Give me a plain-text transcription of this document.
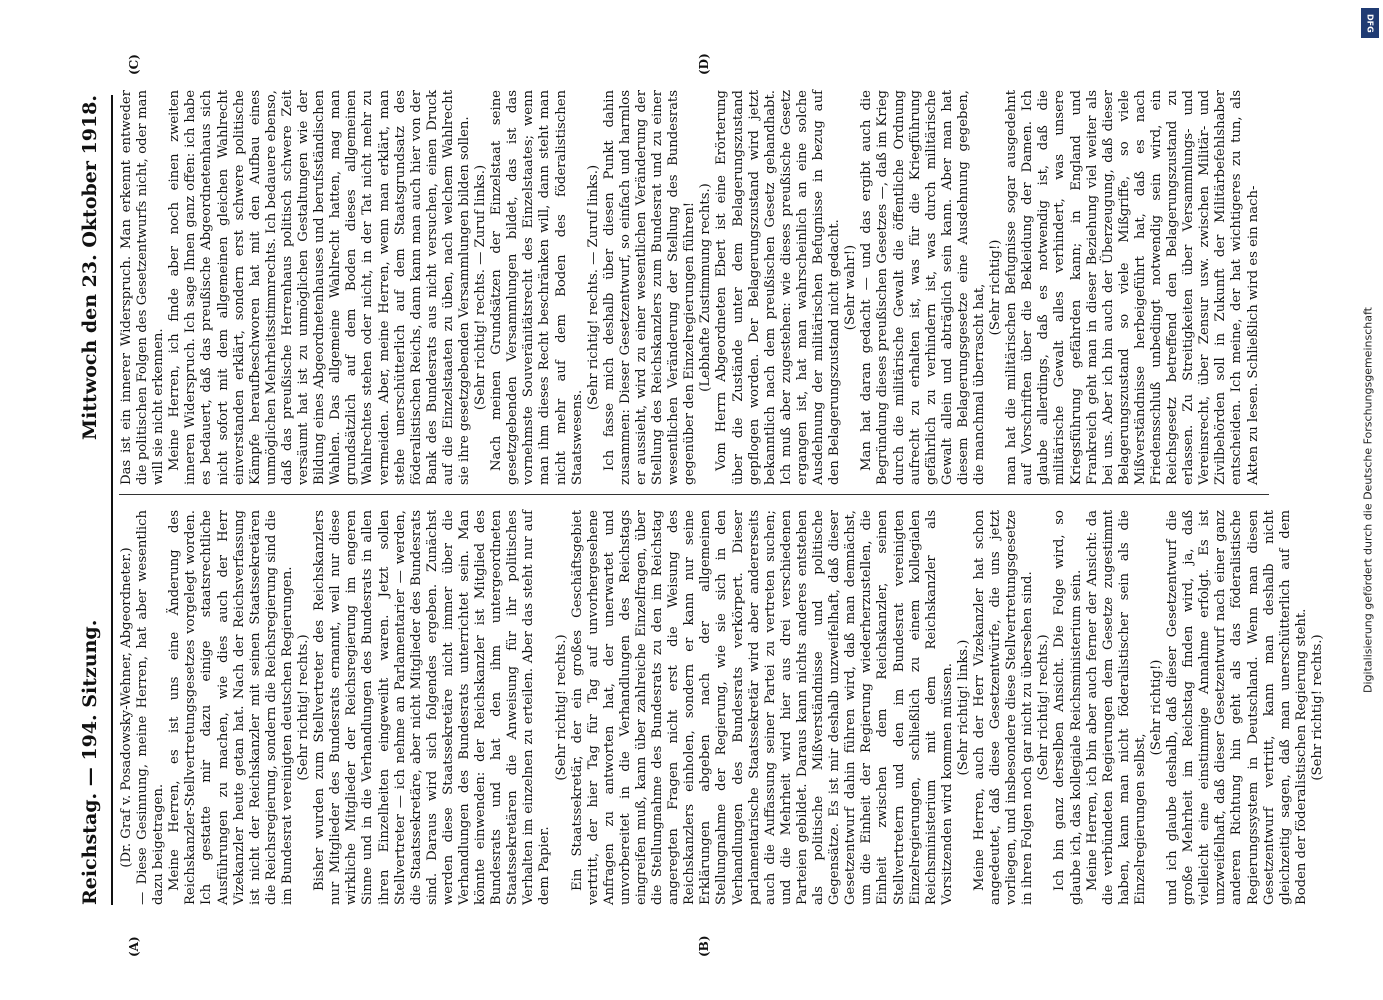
Reichstag. — 194. Sitzung.
Mittwoch den 23. Oktober 1918.
(A)	(B)
(C)	(D)

(Dr. Graf v. Posadowsky-Wehner, Abgeordneter.) — Diese Gesinnung, meine Herren, hat aber wesentlich dazu beigetragen. Meine Herren, es ist uns eine Änderung des Reichskanzler-Stellvertretungsgesetzes vorgelegt worden. Ich gestatte mir dazu einige staatsrechtliche Ausführungen zu machen, wie dies auch der Herr Vizekanzler heute getan hat. Nach der Reichsverfassung ist nicht der Reichskanzler mit seinen Staatssekretären die Reichsregierung, sondern die Reichsregierung sind die im Bundesrat vereinigten deutschen Regierungen. (Sehr richtig! rechts.) Bisher wurden zum Stellvertreter des Reichskanzlers nur Mitglieder des Bundesrats ernannt, weil nur diese wirkliche Mitglieder der Reichsregierung im engeren Sinne und in die Verhandlungen des Bundesrats in allen ihren Einzelheiten eingeweiht waren. Jetzt sollen Stellvertreter — ich nehme an Parlamentarier — werden, die Staatssekretäre, aber nicht Mitglieder des Bundesrats sind. Daraus wird sich folgendes ergeben. Zunächst werden diese Staatssekretäre nicht immer über die Verhandlungen des Bundesrats unterrichtet sein. Man könnte einwenden: der Reichskanzler ist Mitglied des Bundesrats und hat den ihm untergeordneten Staatssekretären die Anweisung für ihr politisches Verhalten im einzelnen zu erteilen. Aber das steht nur auf dem Papier.

(Sehr richtig! rechts.) Ein Staatssekretär, der ein großes Geschäftsgebiet vertritt, der hier Tag für Tag auf unvorhergesehene Anfragen zu antworten hat, der unerwartet und unvorbereitet in die Verhandlungen des Reichstags eingreifen muß, kann über zahlreiche Einzelfragen, über die Stellungnahme des Bundesrats zu den im Reichstag angeregten Fragen nicht erst die Weisung des Reichskanzlers einholen, sondern er kann nur seine Erklärungen abgeben nach der allgemeinen Stellungnahme der Regierung, wie sie sich in den Verhandlungen des Bundesrats verkörpert. Dieser parlamentarische Staatssekretär wird aber andererseits auch die Auffassung seiner Partei zu vertreten suchen; und die Mehrheit wird hier aus drei verschiedenen Parteien gebildet. Daraus kann nichts anderes entstehen als politische Mißverständnisse und politische Gegensätze. Es ist mir deshalb unzweifelhaft, daß dieser Gesetzentwurf dahin führen wird, daß man demnächst, um die Einheit der Regierung wiederherzustellen, die Einheit zwischen dem Reichskanzler, seinen Stellvertretern und den im Bundesrat vereinigten Einzelregierungen, schließlich zu einem kollegialen Reichsministerium mit dem Reichskanzler als Vorsitzenden wird kommen müssen. (Sehr richtig! links.) Meine Herren, auch der Herr Vizekanzler hat schon angedeutet, daß diese Gesetzentwürfe, die uns jetzt vorliegen, und insbesondere diese Stellvertretungsgesetze in ihren Folgen noch gar nicht zu übersehen sind. (Sehr richtig! rechts.) Ich bin ganz derselben Ansicht. Die Folge wird, so glaube ich, das kollegiale Reichsministerium sein. Meine Herren, ich bin aber auch ferner der Ansicht: da die verbündeten Regierungen dem Gesetze zugestimmt haben, kann man nicht föderalistischer sein als die Einzelregierungen selbst,

(Sehr richtig!) und ich glaube deshalb, daß dieser Gesetzentwurf die große Mehrheit im Reichstag finden wird, ja, daß vielleicht eine einstimmige Annahme erfolgt. Es ist unzweifelhaft, daß dieser Gesetzentwurf nach einer ganz anderen Richtung hin geht als das föderalistische Regierungssystem in Deutschland. Wenn man diesen Gesetzentwurf vertritt, kann man deshalb nicht gleichzeitig sagen, daß man unerschütterlich auf dem Boden der föderalistischen Regierung steht. (Sehr richtig! rechts.)

Das ist ein innerer Widerspruch. Man erkennt entweder die politischen Folgen des Gesetzentwurfs nicht, oder man will sie nicht erkennen. Meine Herren, ich finde aber noch einen zweiten inneren Widerspruch. Ich sage Ihnen ganz offen: ich habe es bedauert, daß das preußische Abgeordnetenhaus sich nicht sofort mit dem allgemeinen gleichen Wahlrecht einverstanden erklärt, sondern erst schwere politische Kämpfe heraufbeschworen hat mit den Aufbau eines unmöglichen Mehrheitsstimmrechts. Ich bedauere ebenso, daß das preußische Herrenhaus politisch schwere Zeit versäumt hat ist zu unmöglichen Gestaltungen wie der Bildung eines Abgeordnetenhauses und berufsständischen Wahlen. Das allgemeine Wahlrecht hatten, mag man grundsätzlich auf dem Boden dieses allgemeinen Wahlrechtes stehen oder nicht, in der Tat nicht mehr zu vermeiden. Aber, meine Herren, wenn man erklärt, man stehe unerschütterlich auf dem Staatsgrundsatz des föderalistischen Reichs, dann kann man auch hier von der Bank des Bundesrats aus nicht versuchen, einen Druck auf die Einzelstaaten zu üben, nach welchem Wahlrecht sie ihre gesetzgebenden Versammlungen bilden sollen. (Sehr richtig! rechts. — Zuruf links.) Nach meinen Grundsätzen der Einzelstaat seine gesetzgebenden Versammlungen bildet, das ist das vornehmste Souveränitätsrecht des Einzelstaates; wenn man ihm dieses Recht beschränken will, dann steht man nicht mehr auf dem Boden des föderalistischen Staatswesens.

(Sehr richtig! rechts. — Zuruf links.) Ich fasse mich deshalb über diesen Punkt dahin zusammen: Dieser Gesetzentwurf, so einfach und harmlos er aussieht, wird zu einer wesentlichen Veränderung der Stellung des Reichskanzlers zum Bundesrat und zu einer wesentlichen Veränderung der Stellung des Bundesrats gegenüber den Einzelregierungen führen! (Lebhafte Zustimmung rechts.) Vom Herrn Abgeordneten Ebert ist eine Erörterung über die Zustände unter dem Belagerungszustand gepflogen worden. Der Belagerungszustand wird jetzt bekanntlich nach dem preußischen Gesetz gehandhabt. Ich muß aber zugestehen: wie dieses preußische Gesetz ergangen ist, hat man wahrscheinlich an eine solche Ausdehnung der militärischen Befugnisse in bezug auf den Belagerungszustand nicht gedacht. (Sehr wahr!) Man hat daran gedacht — und das ergibt auch die Begründung dieses preußischen Gesetzes —, daß im Krieg durch die militärische Gewalt die öffentliche Ordnung aufrecht zu erhalten ist, was für die Kriegführung gefährlich zu verhindern ist, was durch militärische Gewalt allein und abträglich sein kann. Aber man hat diesem Belagerungsgesetze eine Ausdehnung gegeben, die manchmal überrascht hat, (Sehr richtig!) man hat die militärischen Befugnisse sogar ausgedehnt auf Vorschriften über die Bekleidung der Damen. Ich glaube allerdings, daß es notwendig ist, daß die militärische Gewalt alles verhindert, was unsere Kriegsführung gefährden kann; in England und Frankreich geht man in dieser Beziehung viel weiter als bei uns. Aber ich bin auch der Überzeugung, daß dieser Belagerungszustand so viele Mißgriffe, so viele Mißverständnisse herbeigeführt hat, daß es nach Friedensschluß unbedingt notwendig sein wird, ein Reichsgesetz betreffend den Belagerungszustand zu erlassen. Zu Streitigkeiten über Versammlungs- und Vereinsrecht, über Zensur usw. zwischen Militär- und Zivilbehörden soll in Zukunft der Militärbefehlshaber entscheiden. Ich meine, der hat wichtigeres zu tun, als Akten zu lesen. Schließlich wird es ein nach-	Digitalisierung gefördert durch die Deutsche Forschungsgemeinschaft
DFG
